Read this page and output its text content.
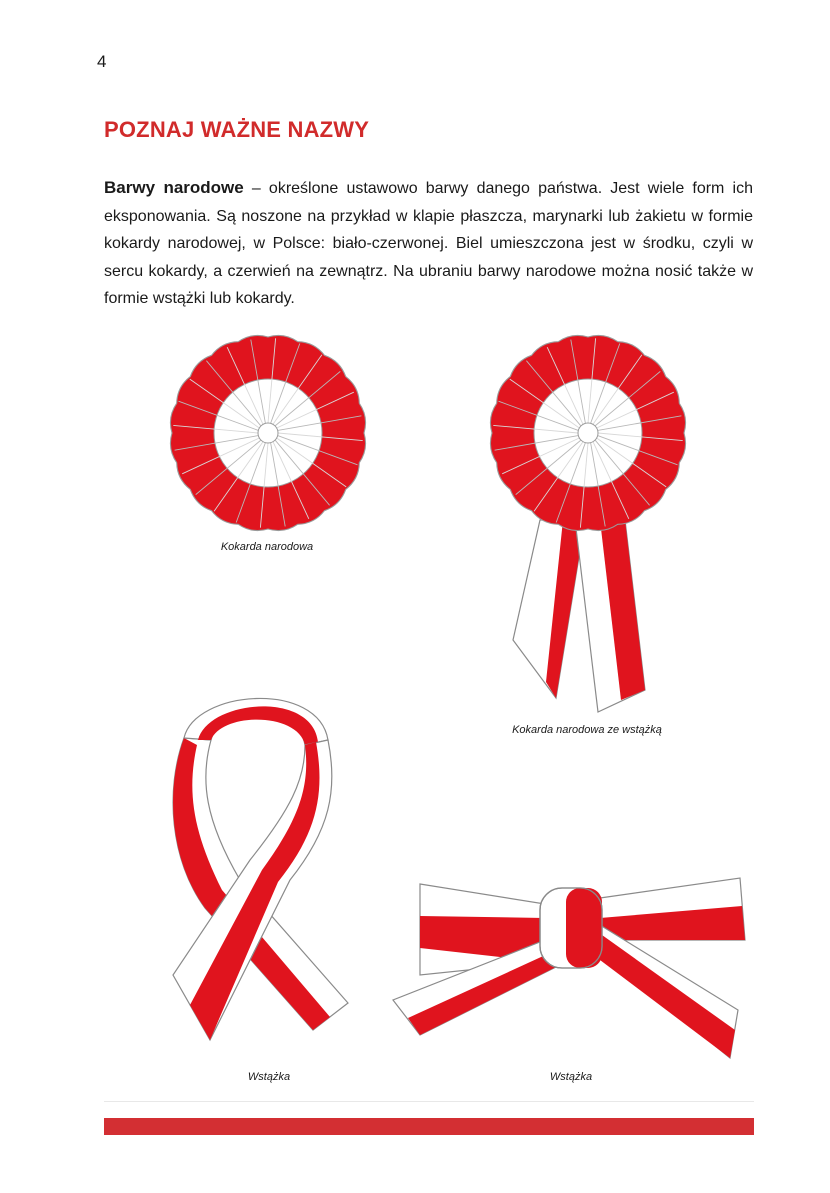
4
POZNAJ WAŻNE NAZWY
Barwy narodowe – określone ustawowo barwy danego państwa. Jest wiele form ich eksponowania. Są noszone na przykład w klapie płaszcza, marynarki lub żakietu w formie kokardy narodowej, w Polsce: biało-czerwonej. Biel umieszczona jest w środku, czyli w sercu kokardy, a czerwień na zewnątrz. Na ubraniu barwy narodowe można nosić także w formie wstążki lub kokardy.
Kokarda narodowa
Kokarda narodowa ze wstążką
Wstążka	Wstążka
